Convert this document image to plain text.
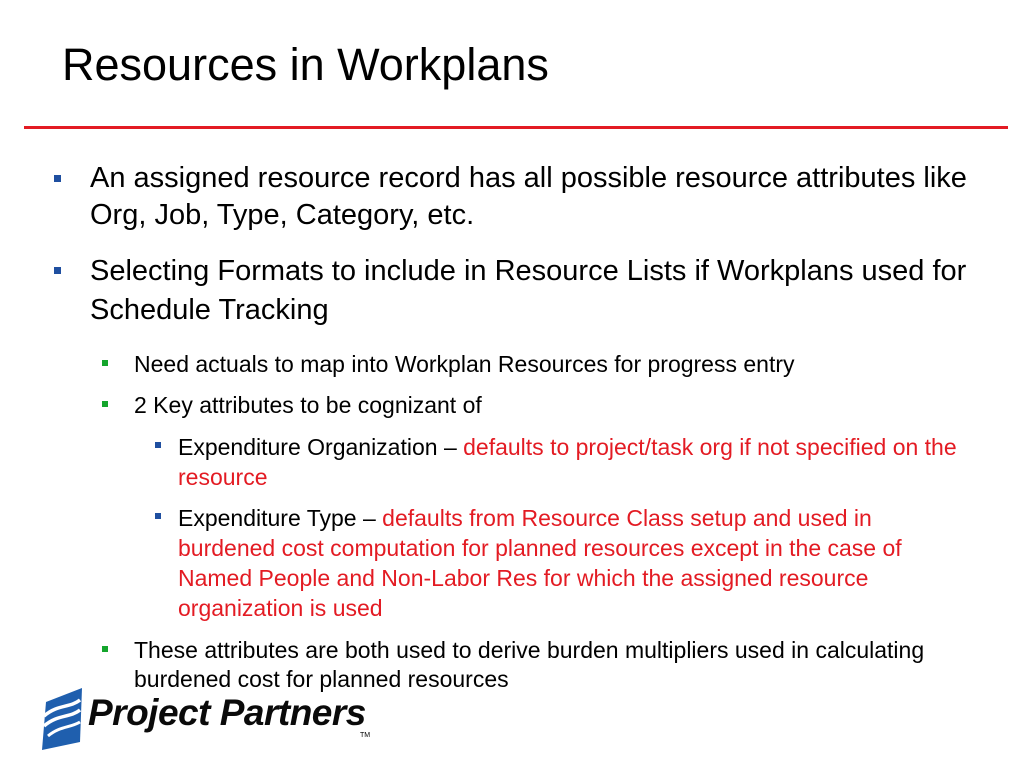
Resources in Workplans
An assigned resource record has all possible resource attributes like Org, Job, Type, Category, etc.
Selecting Formats to include in Resource Lists if Workplans used for Schedule Tracking
Need actuals to map into Workplan Resources for progress entry
2 Key attributes to be cognizant of
Expenditure Organization – defaults to project/task org if not specified on the resource
Expenditure Type – defaults from Resource Class setup and used in burdened cost computation for planned resources except in the case of Named People and Non-Labor Res for which the assigned resource organization is used
These attributes are both used to derive burden multipliers used in calculating burdened cost for planned resources
Project Partners
TM
